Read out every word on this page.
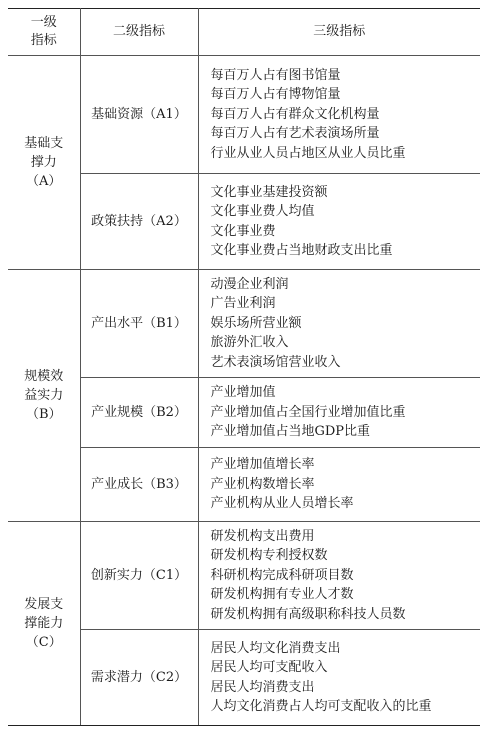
一级
指标	二级指标	三级指标

基础支
撑力
（A）	基础资源（A1）	每百万人占有图书馆量
每百万人占有博物馆量
每百万人占有群众文化机构量
每百万人占有艺术表演场所量
行业从业人员占地区从业人员比重

	政策扶持（A2）	文化事业基建投资额
文化事业费人均值
文化事业费
文化事业费占当地财政支出比重

规模效
益实力
（B）	产出水平（B1）	动漫企业利润
广告业利润
娱乐场所营业额
旅游外汇收入
艺术表演场馆营业收入

	产业规模（B2）	产业增加值
产业增加值占全国行业增加值比重
产业增加值占当地GDP比重

	产业成长（B3）	产业增加值增长率
产业机构数增长率
产业机构从业人员增长率

发展支
撑能力
（C）	创新实力（C1）	研发机构支出费用
研发机构专利授权数
科研机构完成科研项目数
研发机构拥有专业人才数
研发机构拥有高级职称科技人员数

	需求潜力（C2）	居民人均文化消费支出
居民人均可支配收入
居民人均消费支出
人均文化消费占人均可支配收入的比重
